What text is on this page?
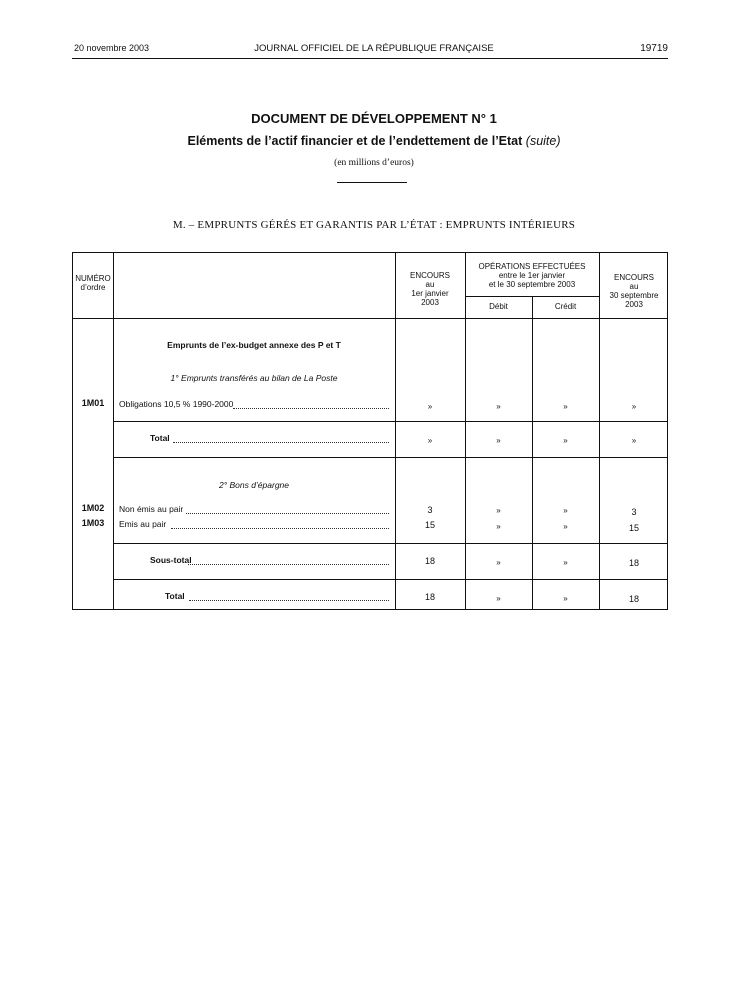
20 novembre 2003	JOURNAL OFFICIEL DE LA RÉPUBLIQUE FRANÇAISE	19719
DOCUMENT DE DÉVELOPPEMENT N° 1
Eléments de l’actif financier et de l’endettement de l’Etat (suite)
(en millions d’euros)
M. – EMPRUNTS GÉRÉS ET GARANTIS PAR L’ÉTAT : EMPRUNTS INTÉRIEURS
NUMÉRO
d’ordre
ENCOURS
au
1er janvier
2003
OPÉRATIONS EFFECTUÉES
entre le 1er janvier
et le 30 septembre 2003
Débit	Crédit
ENCOURS
au
30 septembre
2003
Emprunts de l’ex-budget annexe des P et T
1° Emprunts transférés au bilan de La Poste
1M01	Obligations 10,5 % 1990-2000	»	»	»	»
Total	»	»	»	»
2° Bons d’épargne
1M02	Non émis au pair	3	»	»	3
1M03	Emis au pair	15	»	»	15
Sous-total	18	»	»	18
Total	18	»	»	18
